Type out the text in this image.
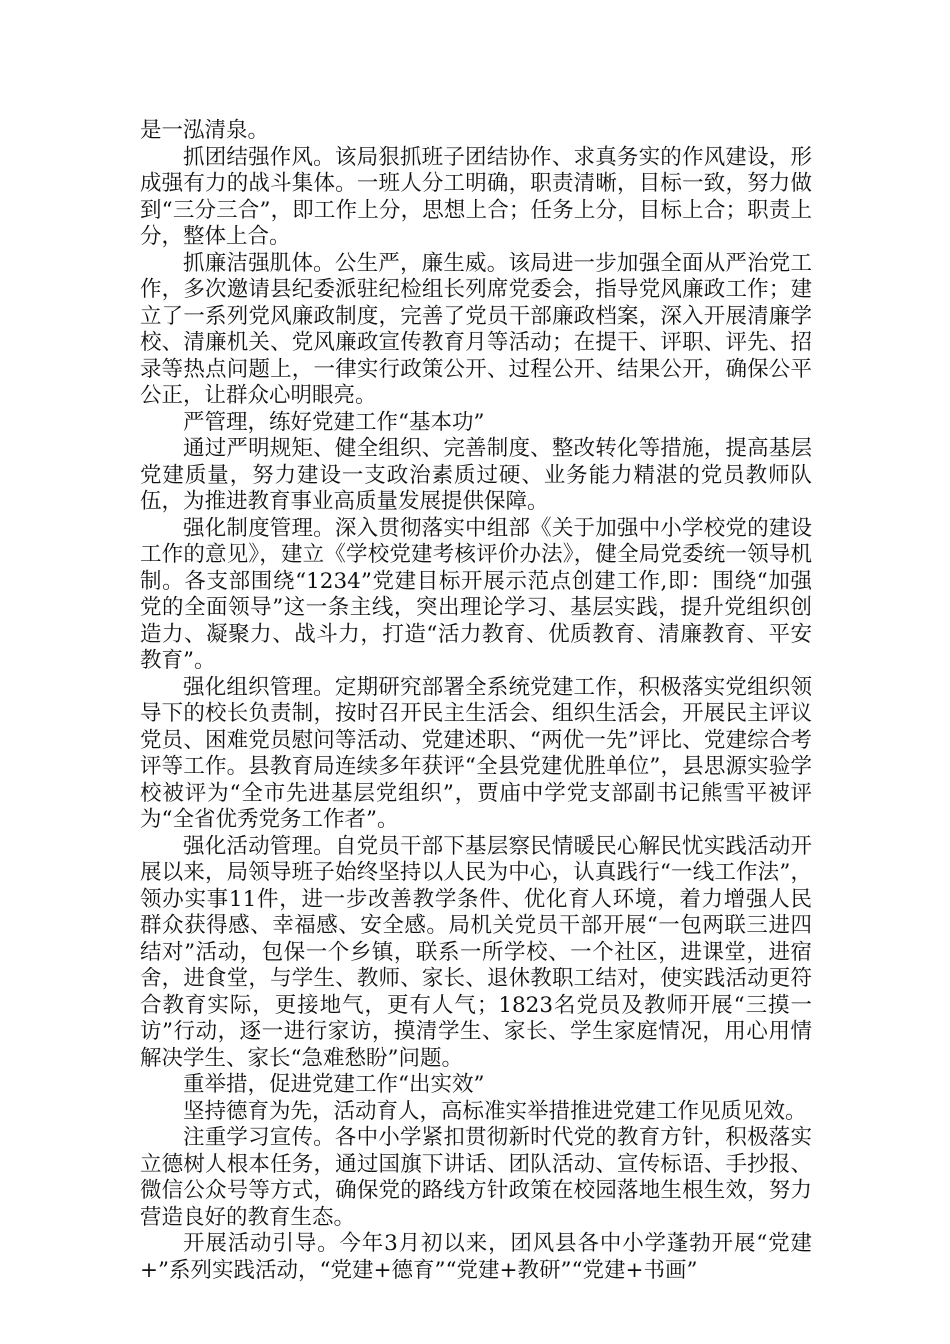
是一泓清泉。

抓团结强作风。该局狠抓班子团结协作、求真务实的作风建设，形成强有力的战斗集体。一班人分工明确，职责清晰，目标一致，努力做到“三分三合”，即工作上分，思想上合；任务上分，目标上合；职责上分，整体上合。

抓廉洁强肌体。公生严，廉生威。该局进一步加强全面从严治党工作，多次邀请县纪委派驻纪检组长列席党委会，指导党风廉政工作；建立了一系列党风廉政制度，完善了党员干部廉政档案，深入开展清廉学校、清廉机关、党风廉政宣传教育月等活动；在提干、评职、评先、招录等热点问题上，一律实行政策公开、过程公开、结果公开，确保公平公正，让群众心明眼亮。

严管理，练好党建工作“基本功”

通过严明规矩、健全组织、完善制度、整改转化等措施，提高基层党建质量，努力建设一支政治素质过硬、业务能力精湛的党员教师队伍，为推进教育事业高质量发展提供保障。

强化制度管理。深入贯彻落实中组部《关于加强中小学校党的建设工作的意见》，建立《学校党建考核评价办法》，健全局党委统一领导机制。各支部围绕“1234”党建目标开展示范点创建工作,即：围绕“加强党的全面领导”这一条主线，突出理论学习、基层实践，提升党组织创造力、凝聚力、战斗力，打造“活力教育、优质教育、清廉教育、平安教育”。

强化组织管理。定期研究部署全系统党建工作，积极落实党组织领导下的校长负责制，按时召开民主生活会、组织生活会，开展民主评议党员、困难党员慰问等活动、党建述职、“两优一先”评比、党建综合考评等工作。县教育局连续多年获评“全县党建优胜单位”，县思源实验学校被评为“全市先进基层党组织”，贾庙中学党支部副书记熊雪平被评为“全省优秀党务工作者”。

强化活动管理。自党员干部下基层察民情暖民心解民忧实践活动开展以来，局领导班子始终坚持以人民为中心，认真践行“一线工作法”，领办实事11件，进一步改善教学条件、优化育人环境，着力增强人民群众获得感、幸福感、安全感。局机关党员干部开展“一包两联三进四结对”活动，包保一个乡镇，联系一所学校、一个社区，进课堂，进宿舍，进食堂，与学生、教师、家长、退休教职工结对，使实践活动更符合教育实际，更接地气，更有人气；1823名党员及教师开展“三摸一访”行动，逐一进行家访，摸清学生、家长、学生家庭情况，用心用情解决学生、家长“急难愁盼”问题。

重举措，促进党建工作“出实效”

坚持德育为先，活动育人，高标准实举措推进党建工作见质见效。

注重学习宣传。各中小学紧扣贯彻新时代党的教育方针，积极落实立德树人根本任务，通过国旗下讲话、团队活动、宣传标语、手抄报、微信公众号等方式，确保党的路线方针政策在校园落地生根生效，努力营造良好的教育生态。

开展活动引导。今年3月初以来，团风县各中小学蓬勃开展“党建+”系列实践活动，“党建+德育”“党建+教研”“党建+书画”
